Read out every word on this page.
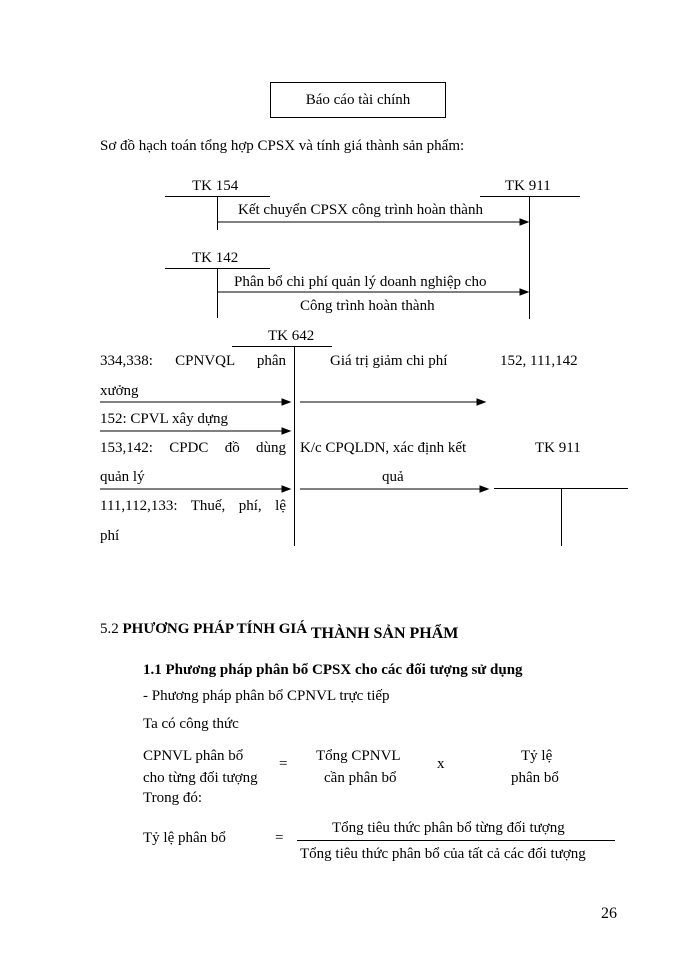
Báo cáo tài chính
Sơ đồ hạch toán tổng hợp CPSX và tính giá thành sản phẩm:
TK 154	TK 911
Kết chuyển CPSX công trình hoàn thành
TK 142
Phân bổ chi phí quản lý doanh nghiệp cho
Công trình hoàn thành
TK 642
334,338: CPNVQL phân
xưởng
152: CPVL xây dựng
153,142: CPDC đồ dùng
quản lý
111,112,133: Thuế, phí, lệ
phí
Giá trị giảm chi phí	152, 111,142
K/c CPQLDN, xác định kết
quả
TK 911
5.2 PHƯƠNG PHÁP TÍNH GIÁ THÀNH SẢN PHẨM
1.1 Phương pháp phân bổ CPSX cho các đối tượng sử dụng
- Phương pháp phân bổ CPNVL trực tiếp
Ta có công thức
CPNVL phân bổ
cho từng đối tượng
= Tổng CPNVL
cần phân bổ
x	Tỷ lệ
phân bổ
Trong đó:
Tỷ lệ phân bổ	=
Tổng tiêu thức phân bổ từng đối tượng
Tổng tiêu thức phân bổ của tất cả các đối tượng
26
